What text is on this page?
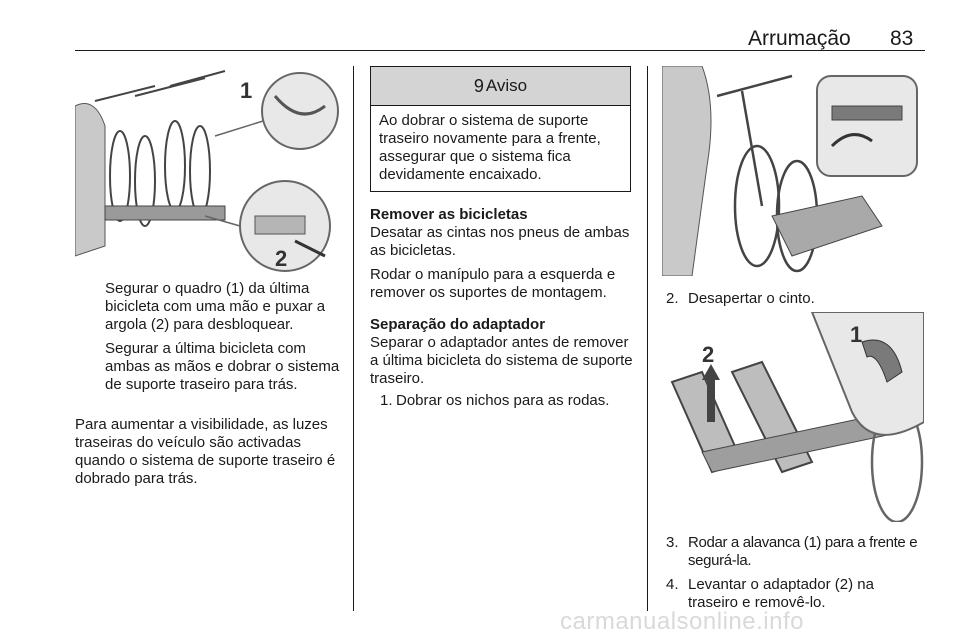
Arrumação 83
1
2

Segurar o quadro (1) da última bicicleta com uma mão e puxar a argola (2) para desbloquear.

Segurar a última bicicleta com ambas as mãos e dobrar o sistema de suporte traseiro para trás.

Para aumentar a visibilidade, as luzes traseiras do veículo são activadas quando o sistema de suporte traseiro é dobrado para trás.

9 Aviso
Ao dobrar o sistema de suporte traseiro novamente para a frente, assegurar que o sistema fica devidamente encaixado.

Remover as bicicletas

Desatar as cintas nos pneus de ambas as bicicletas.

Rodar o manípulo para a esquerda e remover os suportes de montagem.

Separação do adaptador

Separar o adaptador antes de remover a última bicicleta do sistema de suporte traseiro.

1. Dobrar os nichos para as rodas.

2. Desapertar o cinto.

1
2
3. Rodar a alavanca (1) para a frente e segurá-la.

4. Levantar o adaptador (2) na traseiro e removê-lo.

carmanualsonline.info
